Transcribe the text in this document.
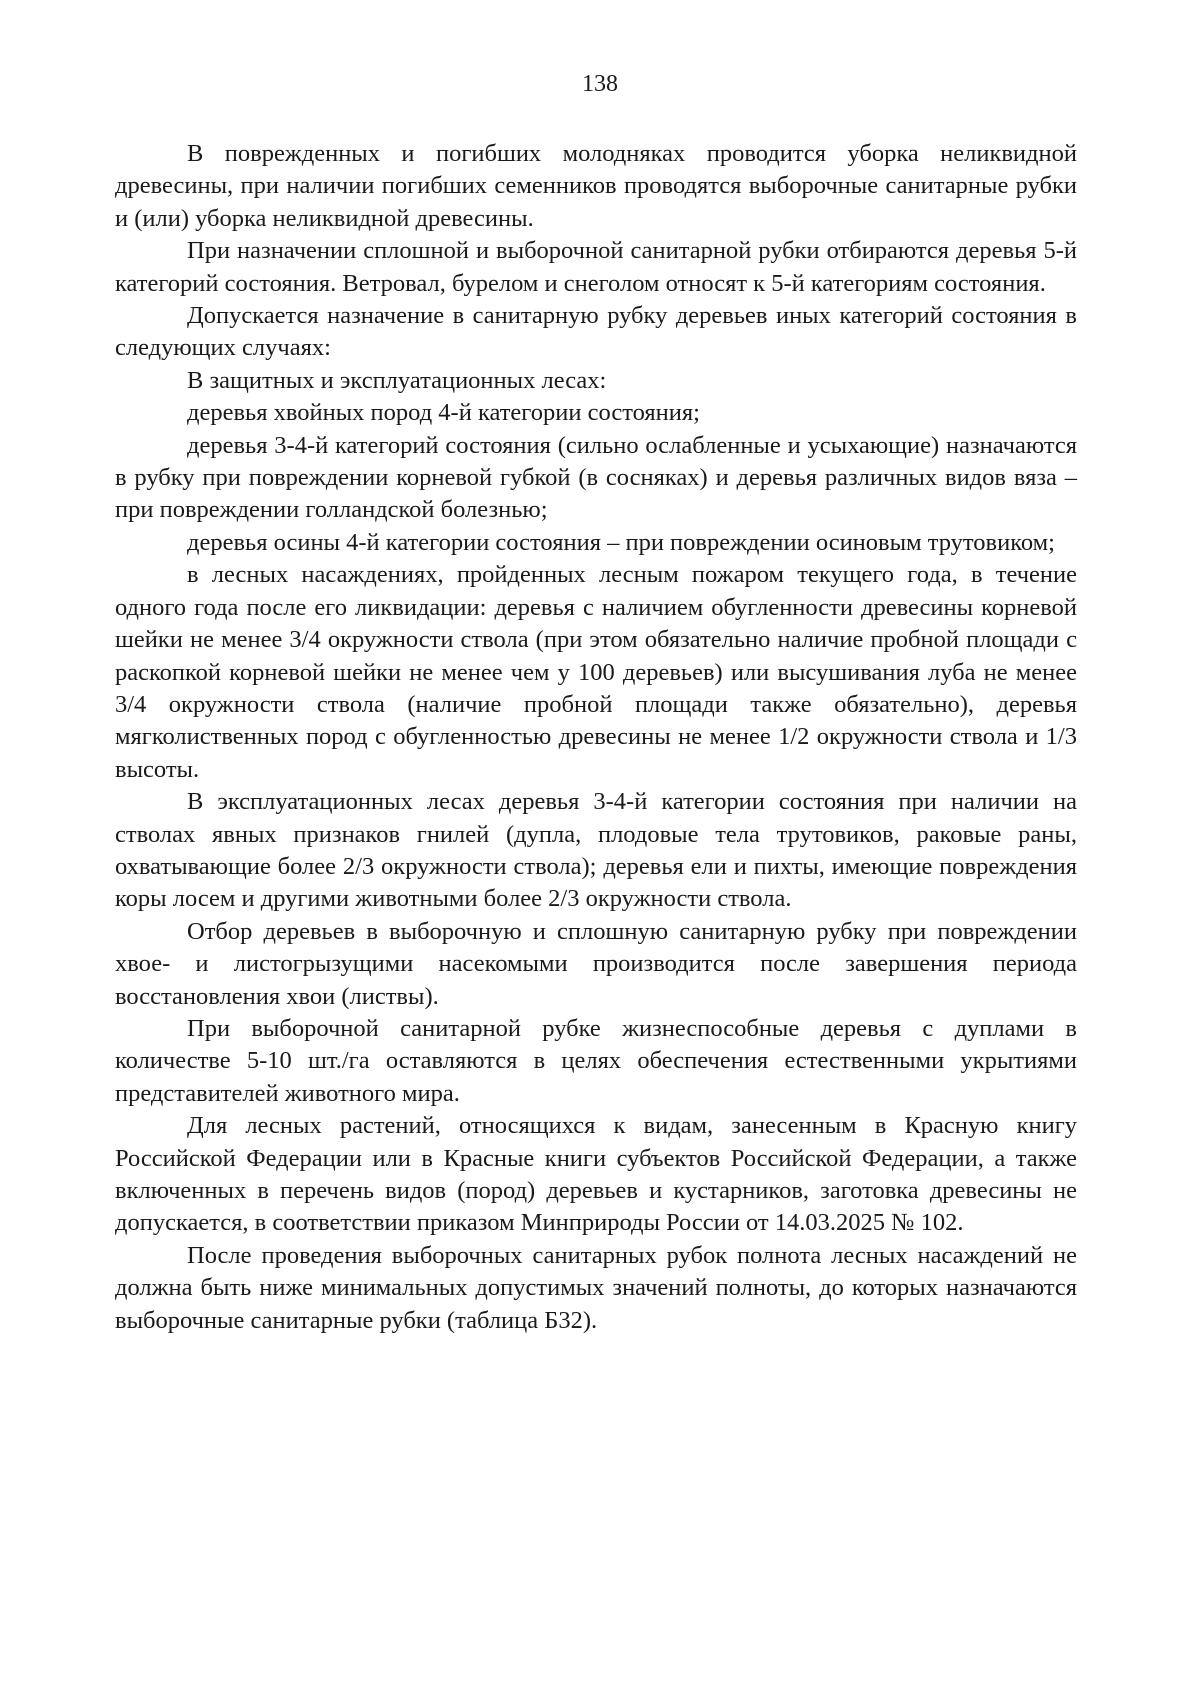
138

В поврежденных и погибших молодняках проводится уборка неликвидной древесины, при наличии погибших семенников проводятся выборочные санитарные рубки и (или) уборка неликвидной древесины.

При назначении сплошной и выборочной санитарной рубки отбираются деревья 5-й категорий состояния. Ветровал, бурелом и снеголом относят к 5-й категориям состояния.

Допускается назначение в санитарную рубку деревьев иных категорий состояния в следующих случаях:

В защитных и эксплуатационных лесах:

деревья хвойных пород 4-й категории состояния;

деревья 3-4-й категорий состояния (сильно ослабленные и усыхающие) назначаются в рубку при повреждении корневой губкой (в сосняках) и деревья различных видов вяза – при повреждении голландской болезнью;

деревья осины 4-й категории состояния – при повреждении осиновым трутовиком;

в лесных насаждениях, пройденных лесным пожаром текущего года, в течение одного года после его ликвидации: деревья с наличием обугленности древесины корневой шейки не менее 3/4 окружности ствола (при этом обязательно наличие пробной площади с раскопкой корневой шейки не менее чем у 100 деревьев) или высушивания луба не менее 3/4 окружности ствола (наличие пробной площади также обязательно), деревья мягколиственных пород с обугленностью древесины не менее 1/2 окружности ствола и 1/3 высоты.

В эксплуатационных лесах деревья 3-4-й категории состояния при наличии на стволах явных признаков гнилей (дупла, плодовые тела трутовиков, раковые раны, охватывающие более 2/3 окружности ствола); деревья ели и пихты, имеющие повреждения коры лосем и другими животными более 2/3 окружности ствола.

Отбор деревьев в выборочную и сплошную санитарную рубку при повреждении хвое- и листогрызущими насекомыми производится после завершения периода восстановления хвои (листвы).

При выборочной санитарной рубке жизнеспособные деревья с дуплами в количестве 5-10 шт./га оставляются в целях обеспечения естественными укрытиями представителей животного мира.

Для лесных растений, относящихся к видам, занесенным в Красную книгу Российской Федерации или в Красные книги субъектов Российской Федерации, а также включенных в перечень видов (пород) деревьев и кустарников, заготовка древесины не допускается, в соответствии приказом Минприроды России от 14.03.2025 № 102.

После проведения выборочных санитарных рубок полнота лесных насаждений не должна быть ниже минимальных допустимых значений полноты, до которых назначаются выборочные санитарные рубки (таблица Б32).
